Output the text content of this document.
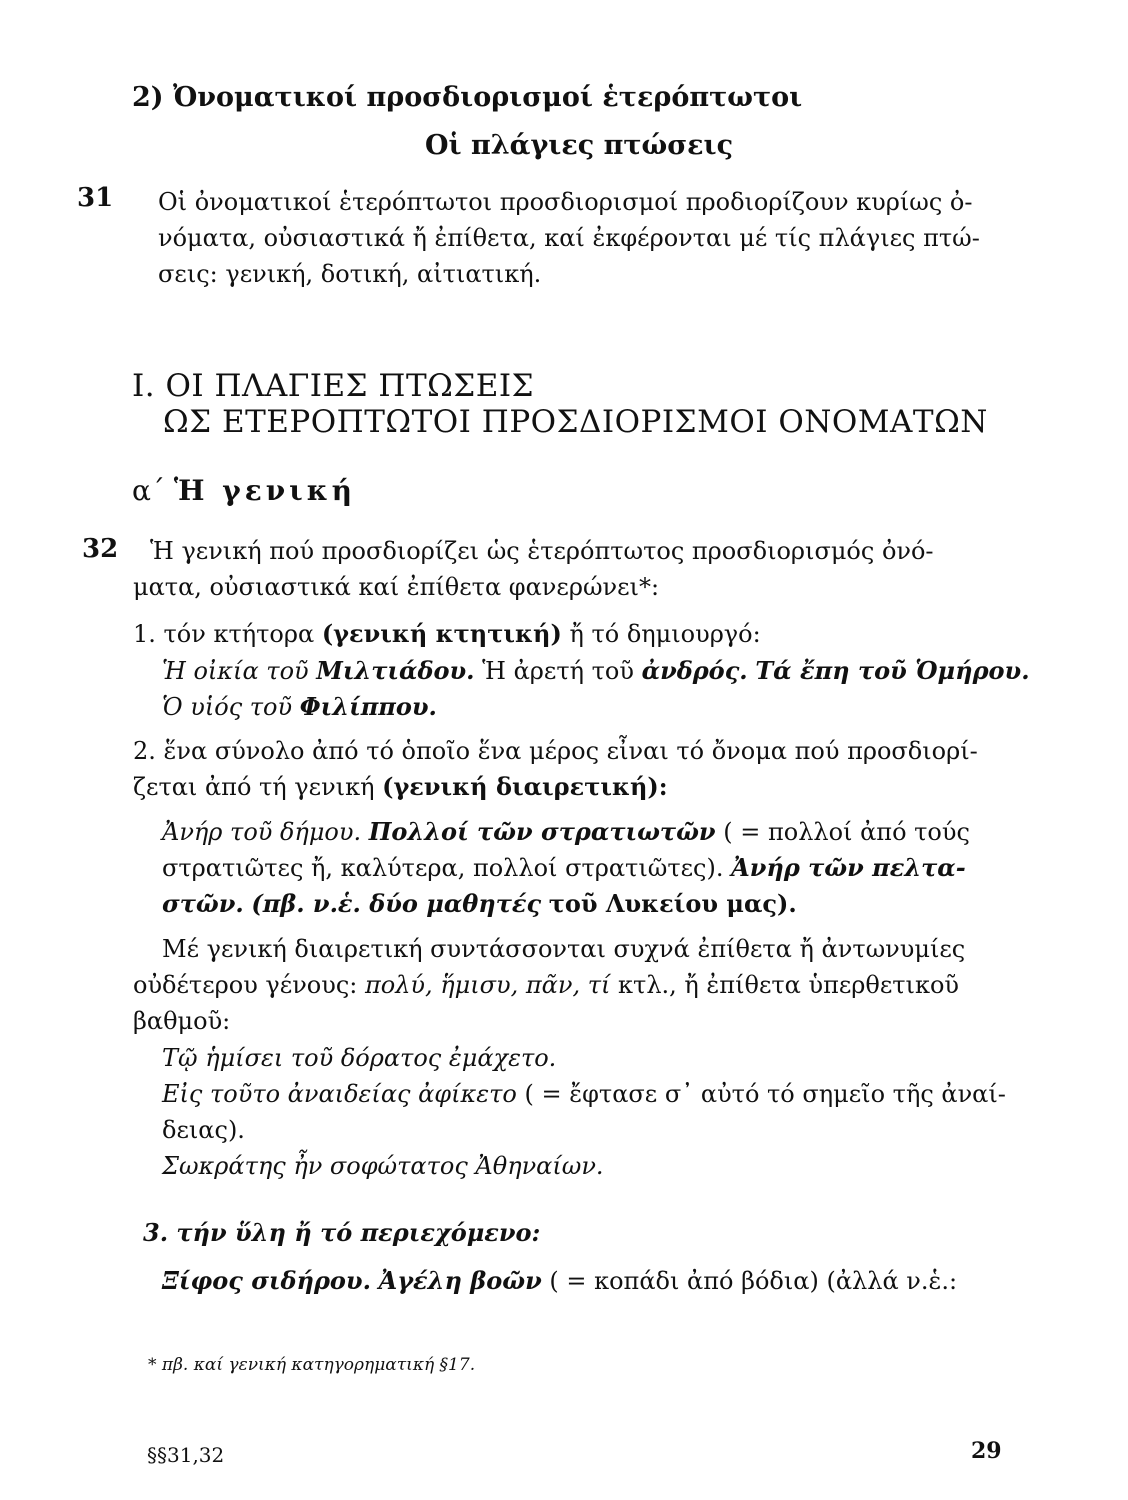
2) Ὀνοματικοί προσδιορισμοί ἑτερόπτωτοι
Οἱ πλάγιες πτώσεις
31 Οἱ ὀνοματικοί ἑτερόπτωτοι προσδιορισμοί προδιορίζουν κυρίως ὀ-
νόματα, οὐσιαστικά ἤ ἐπίθετα, καί ἐκφέρονται μέ τίς πλάγιες πτώ-
σεις: γενική, δοτική, αἰτιατική.
Ι. ΟΙ ΠΛΑΓΙΕΣ ΠΤΩΣΕΙΣ
ΩΣ ΕΤΕΡΟΠΤΩΤΟΙ ΠΡΟΣΔΙΟΡΙΣΜΟΙ ΟΝΟΜΑΤΩΝ
α΄ Ἡ γενική
32 Ἡ γενική πού προσδιορίζει ὡς ἑτερόπτωτος προσδιορισμός ὀνό-
ματα, οὐσιαστικά καί ἐπίθετα φανερώνει*:
1. τόν κτήτορα (γενική κτητική) ἤ τό δημιουργό:
Ἡ οἰκία τοῦ Μιλτιάδου. Ἡ ἀρετή τοῦ ἀνδρός. Τά ἔπη τοῦ Ὁμήρου.
Ὁ υἱός τοῦ Φιλίππου.
2. ἕνα σύνολο ἀπό τό ὁποῖο ἕνα μέρος εἶναι τό ὄνομα πού προσδιορί-
ζεται ἀπό τή γενική (γενική διαιρετική):
Ἀνήρ τοῦ δήμου. Πολλοί τῶν στρατιωτῶν ( = πολλοί ἀπό τούς
στρατιῶτες ἤ, καλύτερα, πολλοί στρατιῶτες). Ἀνήρ τῶν πελτα-
στῶν. (πβ. ν.ἑ. δύο μαθητές τοῦ Λυκείου μας).
Μέ γενική διαιρετική συντάσσονται συχνά ἐπίθετα ἤ ἀντωνυμίες
οὐδέτερου γένους: πολύ, ἥμισυ, πᾶν, τί κτλ., ἤ ἐπίθετα ὑπερθετικοῦ
βαθμοῦ:
Τῷ ἡμίσει τοῦ δόρατος ἐμάχετο.
Εἰς τοῦτο ἀναιδείας ἀφίκετο ( = ἔφτασε σ᾽ αὐτό τό σημεῖο τῆς ἀναί-
δειας).
Σωκράτης ἦν σοφώτατος Ἀθηναίων.
3. τήν ὕλη ἤ τό περιεχόμενο:
Ξίφος σιδήρου. Ἀγέλη βοῶν ( = κοπάδι ἀπό βόδια) (ἀλλά ν.ἑ.:
* πβ. καί γενική κατηγορηματική §17.
§§31,32	29
